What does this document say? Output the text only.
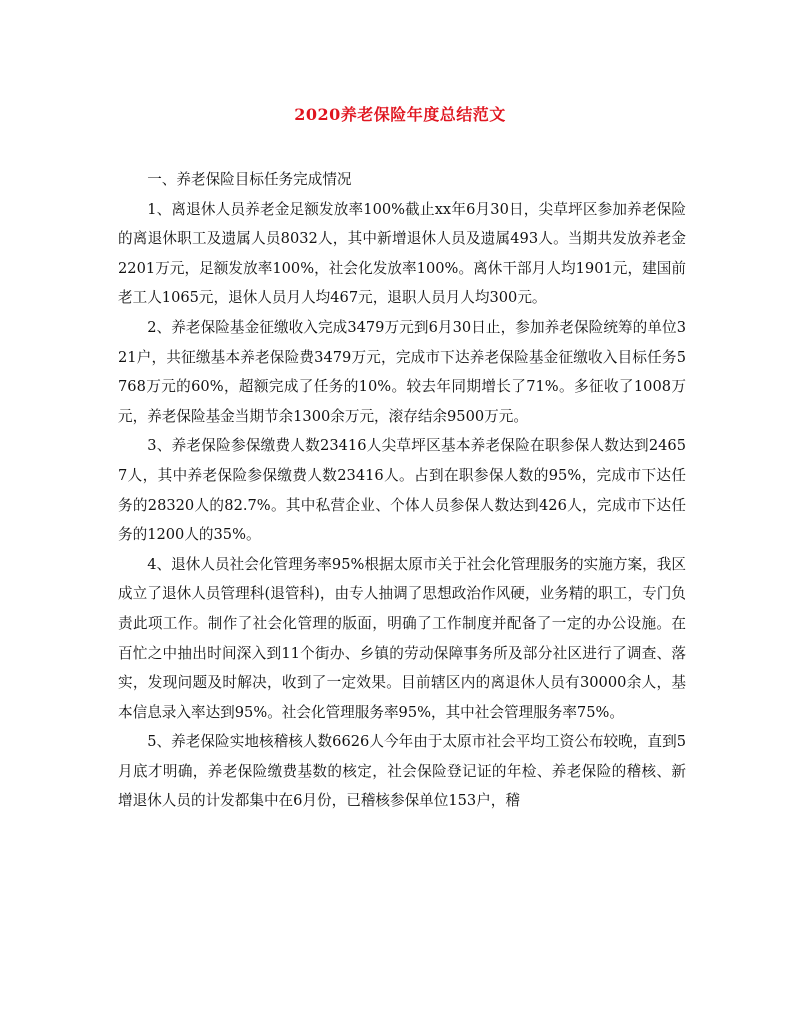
2020养老保险年度总结范文

一、养老保险目标任务完成情况

1、离退休人员养老金足额发放率100%截止xx年6月30日，尖草坪区参加养老保险的离退休职工及遗属人员8032人，其中新增退休人员及遗属493人。当期共发放养老金2201万元，足额发放率100%，社会化发放率100%。离休干部月人均1901元，建国前老工人1065元，退休人员月人均467元，退职人员月人均300元。

2、养老保险基金征缴收入完成3479万元到6月30日止，参加养老保险统筹的单位321户，共征缴基本养老保险费3479万元，完成市下达养老保险基金征缴收入目标任务5768万元的60%，超额完成了任务的10%。较去年同期增长了71%。多征收了1008万元，养老保险基金当期节余1300余万元，滚存结余9500万元。

3、养老保险参保缴费人数23416人尖草坪区基本养老保险在职参保人数达到24657人，其中养老保险参保缴费人数23416人。占到在职参保人数的95%，完成市下达任务的28320人的82.7%。其中私营企业、个体人员参保人数达到426人，完成市下达任务的1200人的35%。

4、退休人员社会化管理务率95%根据太原市关于社会化管理服务的实施方案，我区成立了退休人员管理科(退管科)，由专人抽调了思想政治作风硬，业务精的职工，专门负责此项工作。制作了社会化管理的版面，明确了工作制度并配备了一定的办公设施。在百忙之中抽出时间深入到11个街办、乡镇的劳动保障事务所及部分社区进行了调查、落实，发现问题及时解决，收到了一定效果。目前辖区内的离退休人员有30000余人，基本信息录入率达到95%。社会化管理服务率95%，其中社会管理服务率75%。

5、养老保险实地核稽核人数6626人今年由于太原市社会平均工资公布较晚，直到5月底才明确，养老保险缴费基数的核定，社会保险登记证的年检、养老保险的稽核、新增退休人员的计发都集中在6月份，已稽核参保单位153户，稽
